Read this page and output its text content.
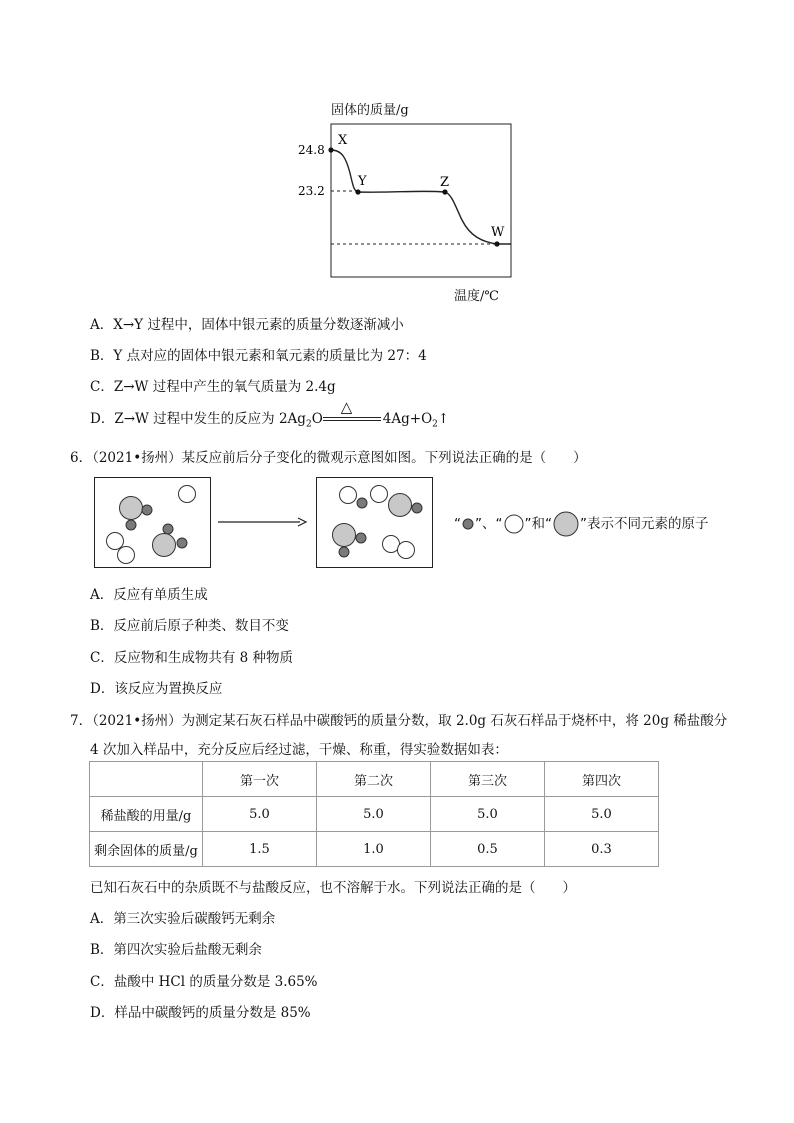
固体的质量/g
X
Y	Z
W
24.8
23.2
温度/℃
A．X→Y 过程中，固体中银元素的质量分数逐渐减小
B．Y 点对应的固体中银元素和氧元素的质量比为 27：4
C．Z→W 过程中产生的氧气质量为 2.4g
D．Z→W 过程中发生的反应为 $2Ag_2O$
△
$4Ag+O_2↑$
6．（2021•扬州）某反应前后分子变化的微观示意图如图。下列说法正确的是（　　）
“ ”、“ ”和“ ”表示不同元素的原子
A．反应有单质生成
B．反应前后原子种类、数目不变
C．反应物和生成物共有 8 种物质
D．该反应为置换反应
7．（2021•扬州）为测定某石灰石样品中碳酸钙的质量分数，取 2.0g 石灰石样品于烧杯中，将 20g 稀盐酸分
4 次加入样品中，充分反应后经过滤，干燥、称重，得实验数据如表：
	第一次	第二次	第三次	第四次
稀盐酸的用量/g	5.0	5.0	5.0	5.0
剩余固体的质量/g	1.5	1.0	0.5	0.3
已知石灰石中的杂质既不与盐酸反应，也不溶解于水。下列说法正确的是（　　）
A．第三次实验后碳酸钙无剩余
B．第四次实验后盐酸无剩余
C．盐酸中 HCl 的质量分数是 3.65%
D．样品中碳酸钙的质量分数是 85%
